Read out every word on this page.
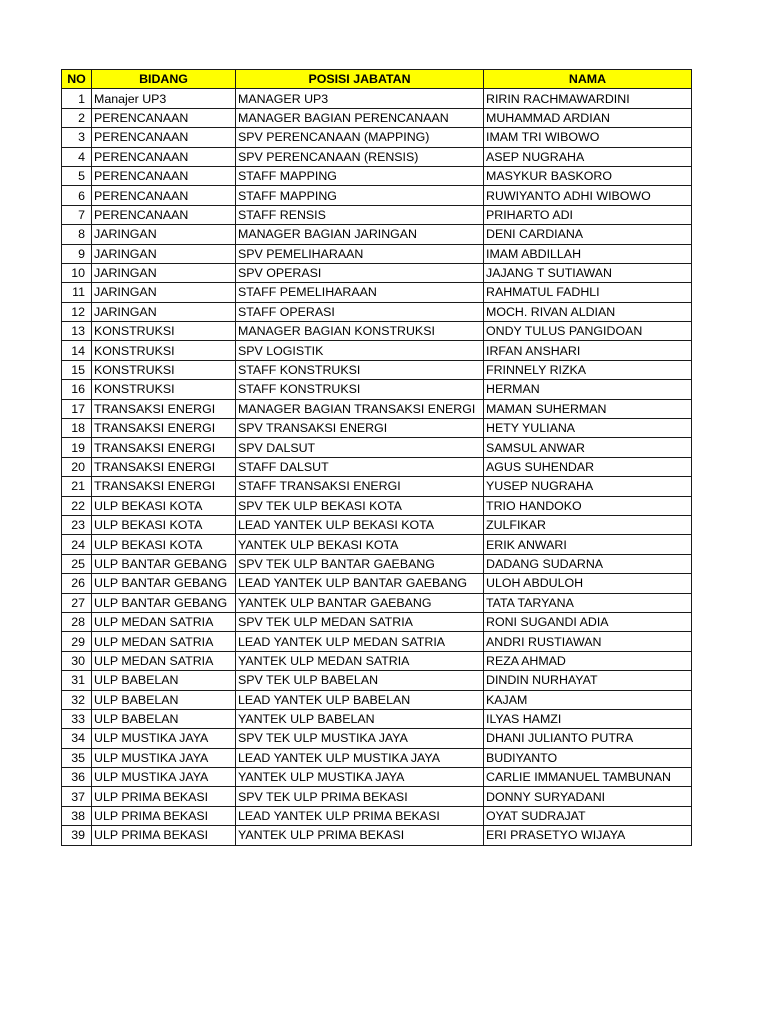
NO	BIDANG	POSISI JABATAN	NAMA
1	Manajer UP3	MANAGER UP3	RIRIN RACHMAWARDINI
2	PERENCANAAN	MANAGER BAGIAN PERENCANAAN	MUHAMMAD ARDIAN
3	PERENCANAAN	SPV PERENCANAAN (MAPPING)	IMAM TRI WIBOWO
4	PERENCANAAN	SPV PERENCANAAN (RENSIS)	ASEP NUGRAHA
5	PERENCANAAN	STAFF MAPPING	MASYKUR BASKORO
6	PERENCANAAN	STAFF MAPPING	RUWIYANTO ADHI WIBOWO
7	PERENCANAAN	STAFF RENSIS	PRIHARTO ADI
8	JARINGAN	MANAGER BAGIAN JARINGAN	DENI CARDIANA
9	JARINGAN	SPV PEMELIHARAAN	IMAM ABDILLAH
10	JARINGAN	SPV OPERASI	JAJANG T SUTIAWAN
11	JARINGAN	STAFF PEMELIHARAAN	RAHMATUL FADHLI
12	JARINGAN	STAFF OPERASI	MOCH. RIVAN ALDIAN
13	KONSTRUKSI	MANAGER BAGIAN KONSTRUKSI	ONDY TULUS PANGIDOAN
14	KONSTRUKSI	SPV LOGISTIK	IRFAN ANSHARI
15	KONSTRUKSI	STAFF KONSTRUKSI	FRINNELY RIZKA
16	KONSTRUKSI	STAFF KONSTRUKSI	HERMAN
17	TRANSAKSI ENERGI	MANAGER BAGIAN TRANSAKSI ENERGI	MAMAN SUHERMAN
18	TRANSAKSI ENERGI	SPV TRANSAKSI ENERGI	HETY YULIANA
19	TRANSAKSI ENERGI	SPV DALSUT	SAMSUL ANWAR
20	TRANSAKSI ENERGI	STAFF DALSUT	AGUS SUHENDAR
21	TRANSAKSI ENERGI	STAFF TRANSAKSI ENERGI	YUSEP NUGRAHA
22	ULP BEKASI KOTA	SPV TEK ULP BEKASI KOTA	TRIO HANDOKO
23	ULP BEKASI KOTA	LEAD YANTEK ULP BEKASI KOTA	ZULFIKAR
24	ULP BEKASI KOTA	YANTEK ULP BEKASI KOTA	ERIK ANWARI
25	ULP BANTAR GEBANG	SPV TEK ULP BANTAR GAEBANG	DADANG SUDARNA
26	ULP BANTAR GEBANG	LEAD YANTEK ULP BANTAR GAEBANG	ULOH ABDULOH
27	ULP BANTAR GEBANG	YANTEK ULP BANTAR GAEBANG	TATA TARYANA
28	ULP MEDAN SATRIA	SPV TEK ULP MEDAN SATRIA	RONI SUGANDI ADIA
29	ULP MEDAN SATRIA	LEAD YANTEK ULP MEDAN SATRIA	ANDRI RUSTIAWAN
30	ULP MEDAN SATRIA	YANTEK ULP MEDAN SATRIA	REZA AHMAD
31	ULP BABELAN	SPV TEK ULP BABELAN	DINDIN NURHAYAT
32	ULP BABELAN	LEAD YANTEK ULP BABELAN	KAJAM
33	ULP BABELAN	YANTEK ULP BABELAN	ILYAS HAMZI
34	ULP MUSTIKA JAYA	SPV TEK ULP MUSTIKA JAYA	DHANI JULIANTO PUTRA
35	ULP MUSTIKA JAYA	LEAD YANTEK ULP MUSTIKA JAYA	BUDIYANTO
36	ULP MUSTIKA JAYA	YANTEK ULP MUSTIKA JAYA	CARLIE IMMANUEL TAMBUNAN
37	ULP PRIMA BEKASI	SPV TEK ULP PRIMA BEKASI	DONNY SURYADANI
38	ULP PRIMA BEKASI	LEAD YANTEK ULP PRIMA BEKASI	OYAT SUDRAJAT
39	ULP PRIMA BEKASI	YANTEK ULP PRIMA BEKASI	ERI PRASETYO WIJAYA
